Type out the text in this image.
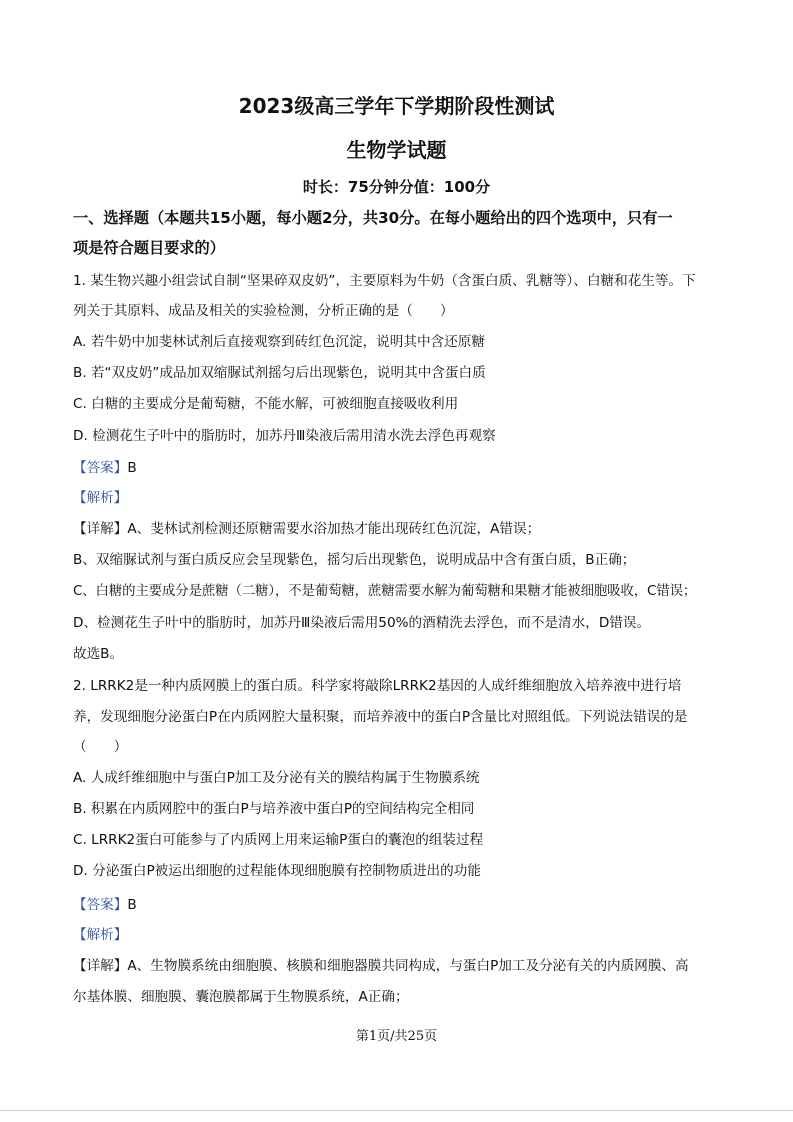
2023级高三学年下学期阶段性测试
生物学试题
时长：75分钟分值：100分
一、选择题（本题共15小题，每小题2分，共30分。在每小题给出的四个选项中，只有一
项是符合题目要求的）
1. 某生物兴趣小组尝试自制“坚果碎双皮奶”，主要原料为牛奶（含蛋白质、乳糖等）、白糖和花生等。下
列关于其原料、成品及相关的实验检测，分析正确的是（　　）
A. 若牛奶中加斐林试剂后直接观察到砖红色沉淀，说明其中含还原糖
B. 若“双皮奶”成品加双缩脲试剂摇匀后出现紫色，说明其中含蛋白质
C. 白糖的主要成分是葡萄糖，不能水解，可被细胞直接吸收利用
D. 检测花生子叶中的脂肪时，加苏丹Ⅲ染液后需用清水洗去浮色再观察
【答案】B
【解析】
【详解】A、斐林试剂检测还原糖需要水浴加热才能出现砖红色沉淀，A错误；
B、双缩脲试剂与蛋白质反应会呈现紫色，摇匀后出现紫色，说明成品中含有蛋白质，B正确；
C、白糖的主要成分是蔗糖（二糖），不是葡萄糖，蔗糖需要水解为葡萄糖和果糖才能被细胞吸收，C错误；
D、检测花生子叶中的脂肪时，加苏丹Ⅲ染液后需用50%的酒精洗去浮色，而不是清水，D错误。
故选B。
2. LRRK2是一种内质网膜上的蛋白质。科学家将敲除LRRK2基因的人成纤维细胞放入培养液中进行培
养，发现细胞分泌蛋白P在内质网腔大量积聚，而培养液中的蛋白P含量比对照组低。下列说法错误的是
（　　）
A. 人成纤维细胞中与蛋白P加工及分泌有关的膜结构属于生物膜系统
B. 积累在内质网腔中的蛋白P与培养液中蛋白P的空间结构完全相同
C. LRRK2蛋白可能参与了内质网上用来运输P蛋白的囊泡的组装过程
D. 分泌蛋白P被运出细胞的过程能体现细胞膜有控制物质进出的功能
【答案】B
【解析】
【详解】A、生物膜系统由细胞膜、核膜和细胞器膜共同构成，与蛋白P加工及分泌有关的内质网膜、高
尔基体膜、细胞膜、囊泡膜都属于生物膜系统，A正确；
第1页/共25页
